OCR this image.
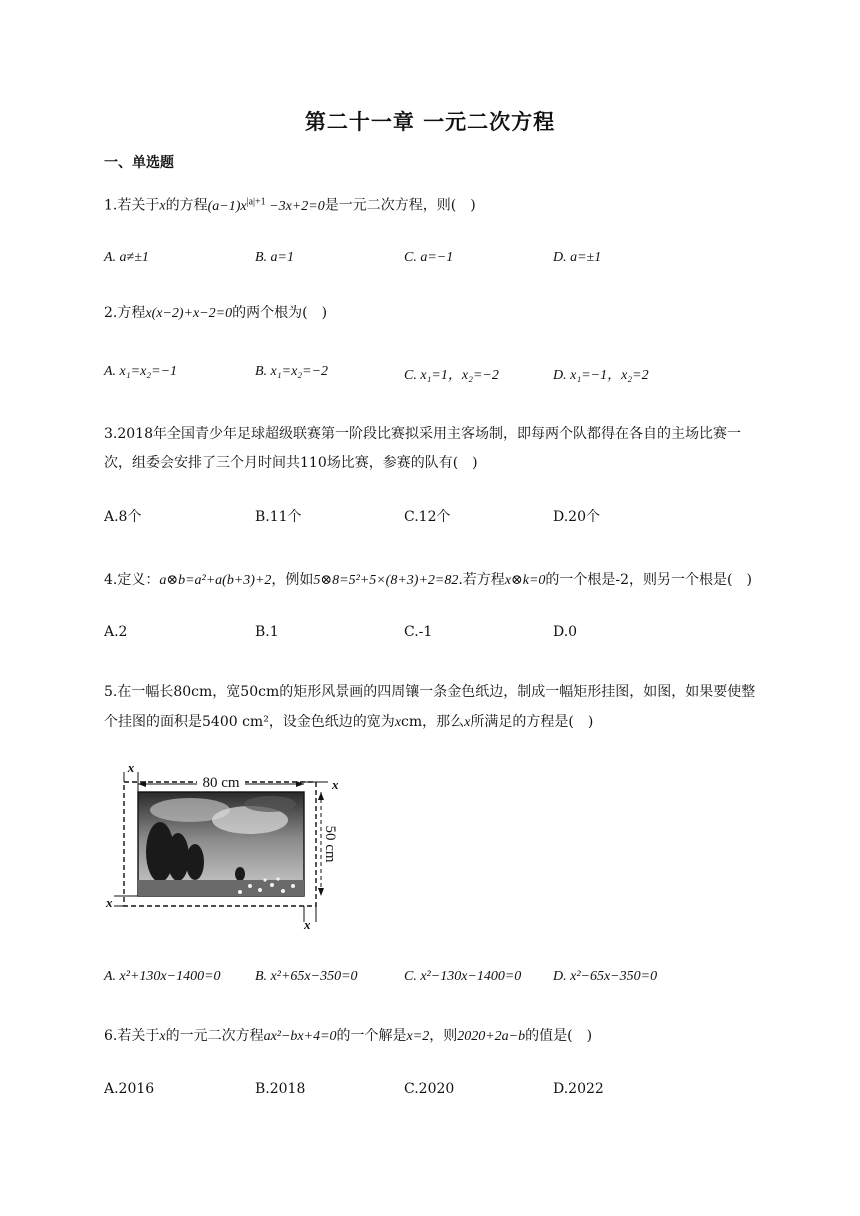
第二十一章 一元二次方程
一、单选题
1.若关于x的方程$(a-1)x^{|a|+1} -3x+2=0$是一元二次方程，则(　)
A. a≠±1	B. a=1	C. a=−1	D. a=±1
2.方程x(x−2)+x−2=0的两个根为(　)
A. x₁=x₂=−1	B. x₁=x₂=−2	C. x₁=1，x₂=−2	D. x₁=−1，x₂=2
3.2018年全国青少年足球超级联赛第一阶段比赛拟采用主客场制，即每两个队都得在各自的主场比赛一次，组委会安排了三个月时间共110场比赛，参赛的队有(　)
A.8个	B.11个	C.12个	D.20个
4.定义：a⊗b=a²+a(b+3)+2，例如5⊗8=5²+5×(8+3)+2=82.若方程x⊗k=0的一个根是-2，则另一个根是(　)
A.2	B.1	C.-1	D.0
5.在一幅长80cm，宽50cm的矩形风景画的四周镶一条金色纸边，制成一幅矩形挂图，如图，如果要使整个挂图的面积是5400 cm²，设金色纸边的宽为xcm，那么x所满足的方程是(　)
80 cm
50 cm
x
x
x
x
A. x²+130x−1400=0 B. x²+65x−350=0	C. x²−130x−1400=0 D. x²−65x−350=0
6.若关于x的一元二次方程ax²−bx+4=0的一个解是x=2，则2020+2a−b的值是(　)
A.2016	B.2018	C.2020	D.2022
